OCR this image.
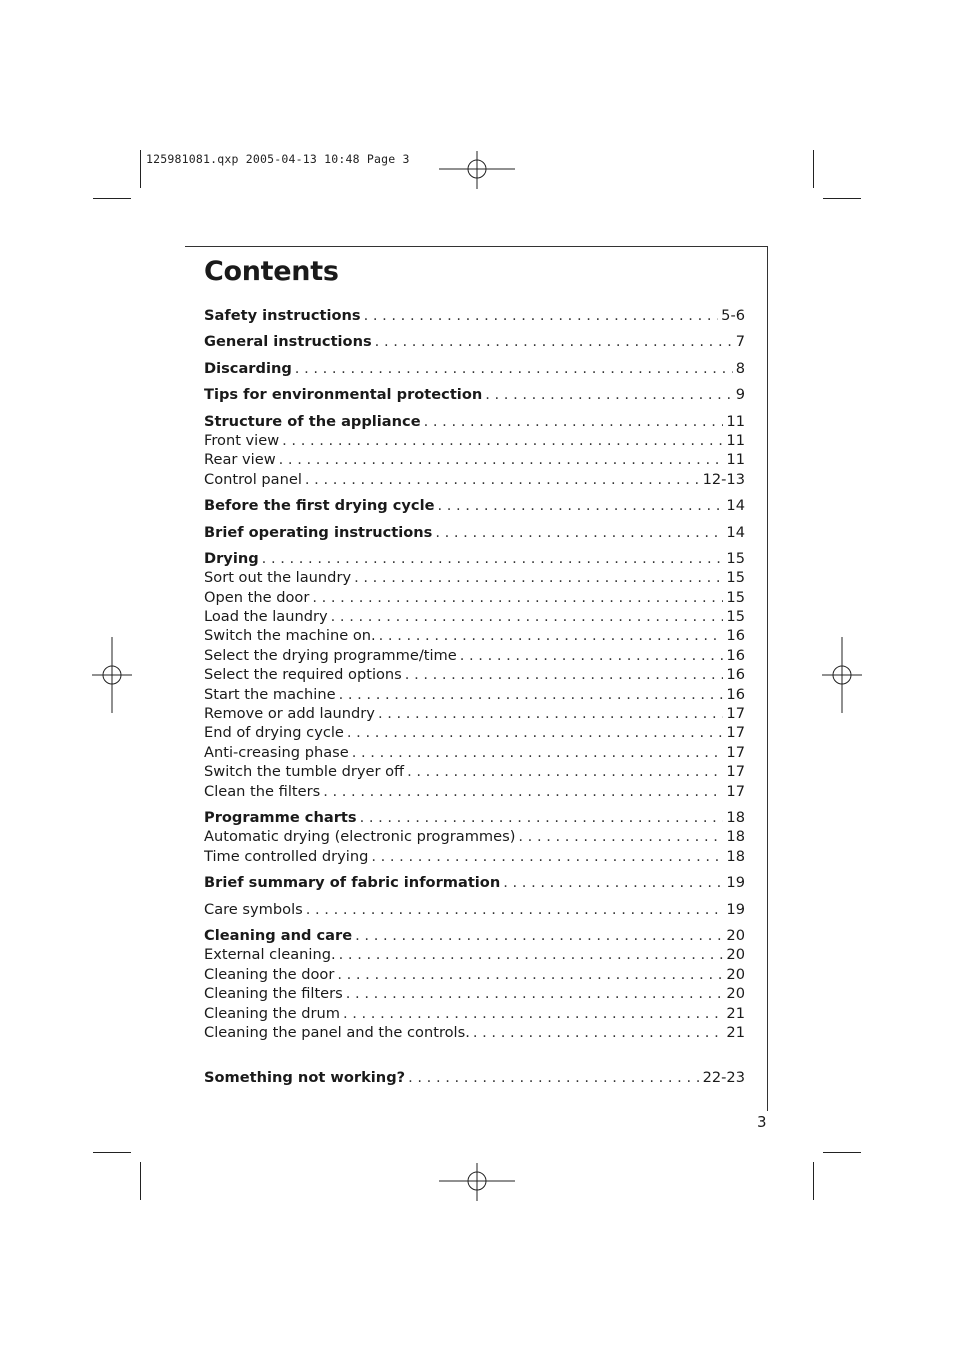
125981081.qxp 2005-04-13 10:48 Page 3
Contents
Safety instructions . . .	5-6
General instructions . . .	7
Discarding . . .	8
Tips for environmental protection . . .	9
Structure of the appliance . . .	11
Front view . . .	11
Rear view . . .	11
Control panel . . .	12-13
Before the first drying cycle . . .	14
Brief operating instructions . . .	14
Drying . . .	15
Sort out the laundry . . .	15
Open the door . . .	15
Load the laundry . . .	15
Switch the machine on. . . .	16
Select the drying programme/time . . .	16
Select the required options . . .	16
Start the machine . . .	16
Remove or add laundry . . .	17
End of drying cycle . . .	17
Anti-creasing phase . . .	17
Switch the tumble dryer off . . .	17
Clean the filters . . .	17
Programme charts . . .	18
Automatic drying (electronic programmes) . . .	18
Time controlled drying . . .	18
Brief summary of fabric information . . .	19
Care symbols . . .	19
Cleaning and care . . .	20
External cleaning. . . .	20
Cleaning the door . . .	20
Cleaning the filters . . .	20
Cleaning the drum . . .	21
Cleaning the panel and the controls. . . .	21
Something not working? . . .	22-23
3
